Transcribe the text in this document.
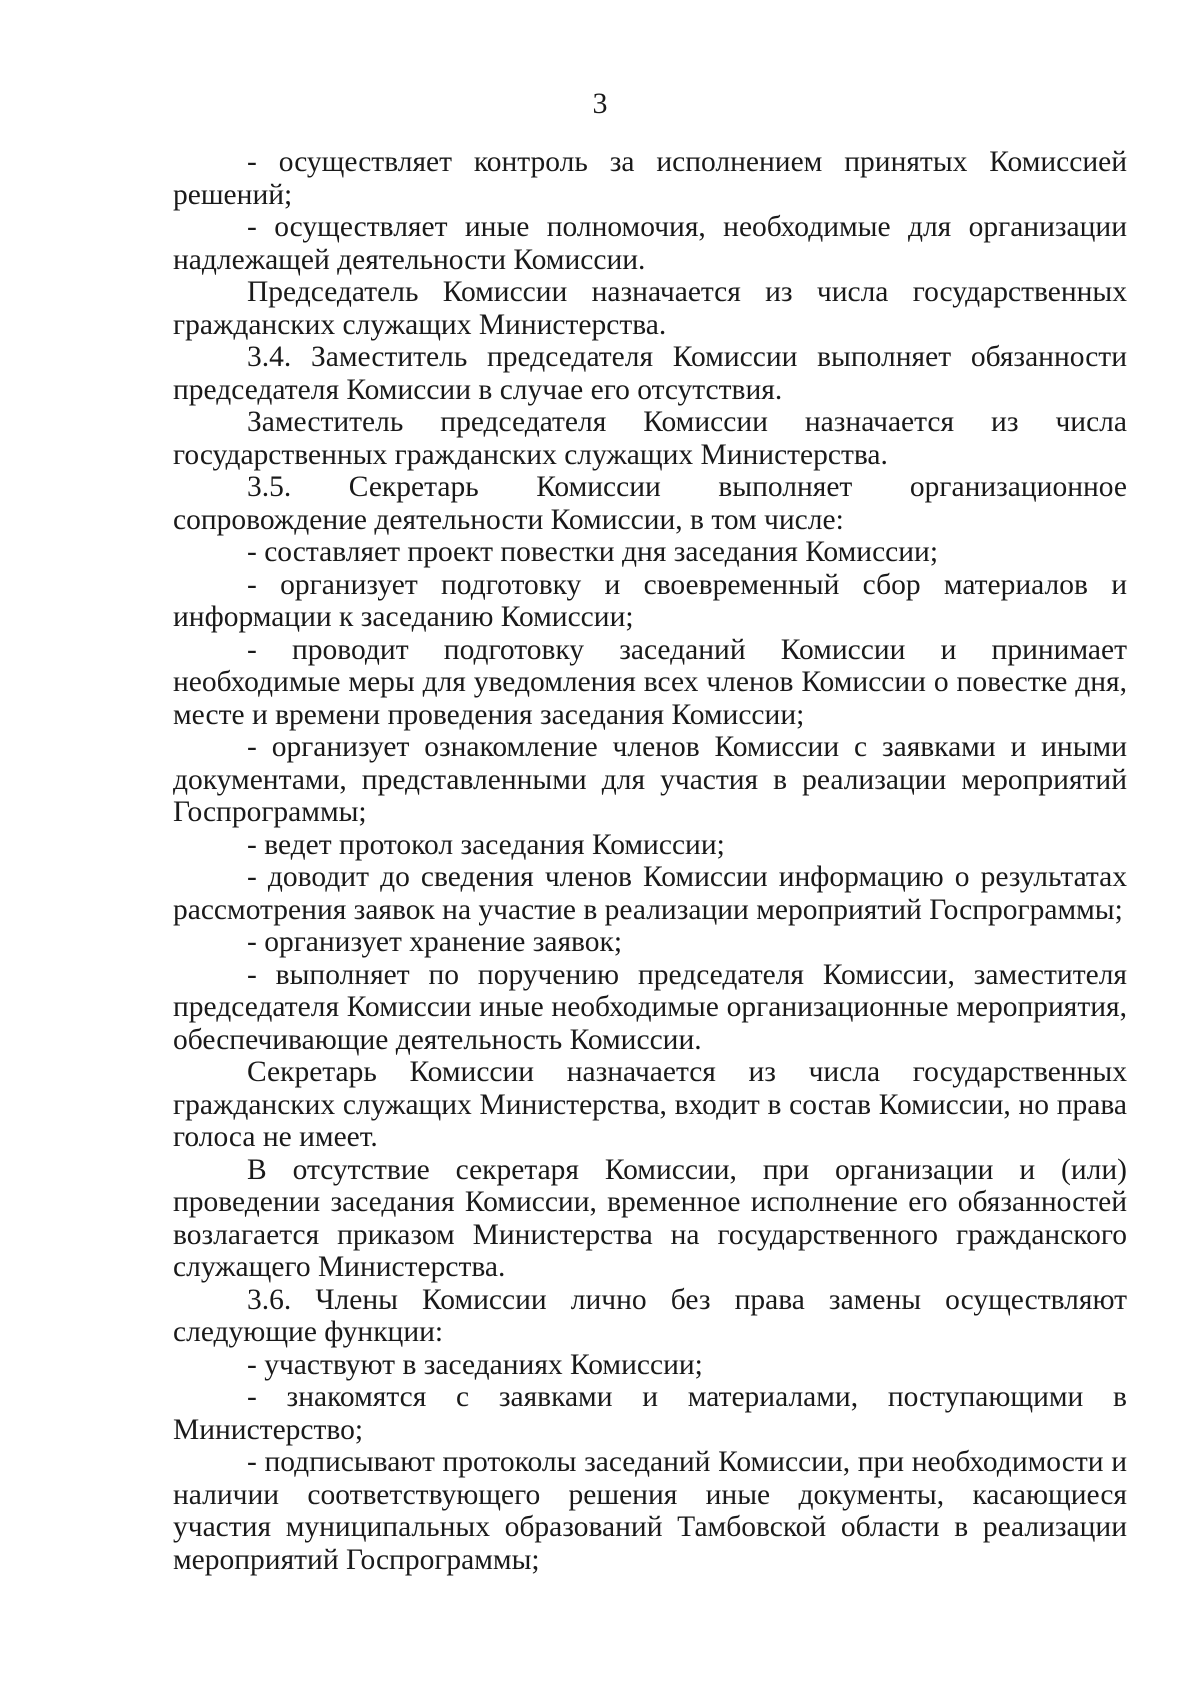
3

- осуществляет контроль за исполнением принятых Комиссией решений;

- осуществляет иные полномочия, необходимые для организации надлежащей деятельности Комиссии.

Председатель Комиссии назначается из числа государственных гражданских служащих Министерства.

3.4. Заместитель председателя Комиссии выполняет обязанности председателя Комиссии в случае его отсутствия.

Заместитель председателя Комиссии назначается из числа государственных гражданских служащих Министерства.

3.5. Секретарь Комиссии выполняет организационное сопровождение деятельности Комиссии, в том числе:

- составляет проект повестки дня заседания Комиссии;

- организует подготовку и своевременный сбор материалов и информации к заседанию Комиссии;

- проводит подготовку заседаний Комиссии и принимает необходимые меры для уведомления всех членов Комиссии о повестке дня, месте и времени проведения заседания Комиссии;

- организует ознакомление членов Комиссии с заявками и иными документами, представленными для участия в реализации мероприятий Госпрограммы;

- ведет протокол заседания Комиссии;

- доводит до сведения членов Комиссии информацию о результатах рассмотрения заявок на участие в реализации мероприятий Госпрограммы;

- организует хранение заявок;

- выполняет по поручению председателя Комиссии, заместителя председателя Комиссии иные необходимые организационные мероприятия, обеспечивающие деятельность Комиссии.

Секретарь Комиссии назначается из числа государственных гражданских служащих Министерства, входит в состав Комиссии, но права голоса не имеет.

В отсутствие секретаря Комиссии, при организации и (или) проведении заседания Комиссии, временное исполнение его обязанностей возлагается приказом Министерства на государственного гражданского служащего Министерства.

3.6. Члены Комиссии лично без права замены осуществляют следующие функции:

- участвуют в заседаниях Комиссии;

- знакомятся с заявками и материалами, поступающими в Министерство;

- подписывают протоколы заседаний Комиссии, при необходимости и наличии соответствующего решения иные документы, касающиеся участия муниципальных образований Тамбовской области в реализации мероприятий Госпрограммы;
